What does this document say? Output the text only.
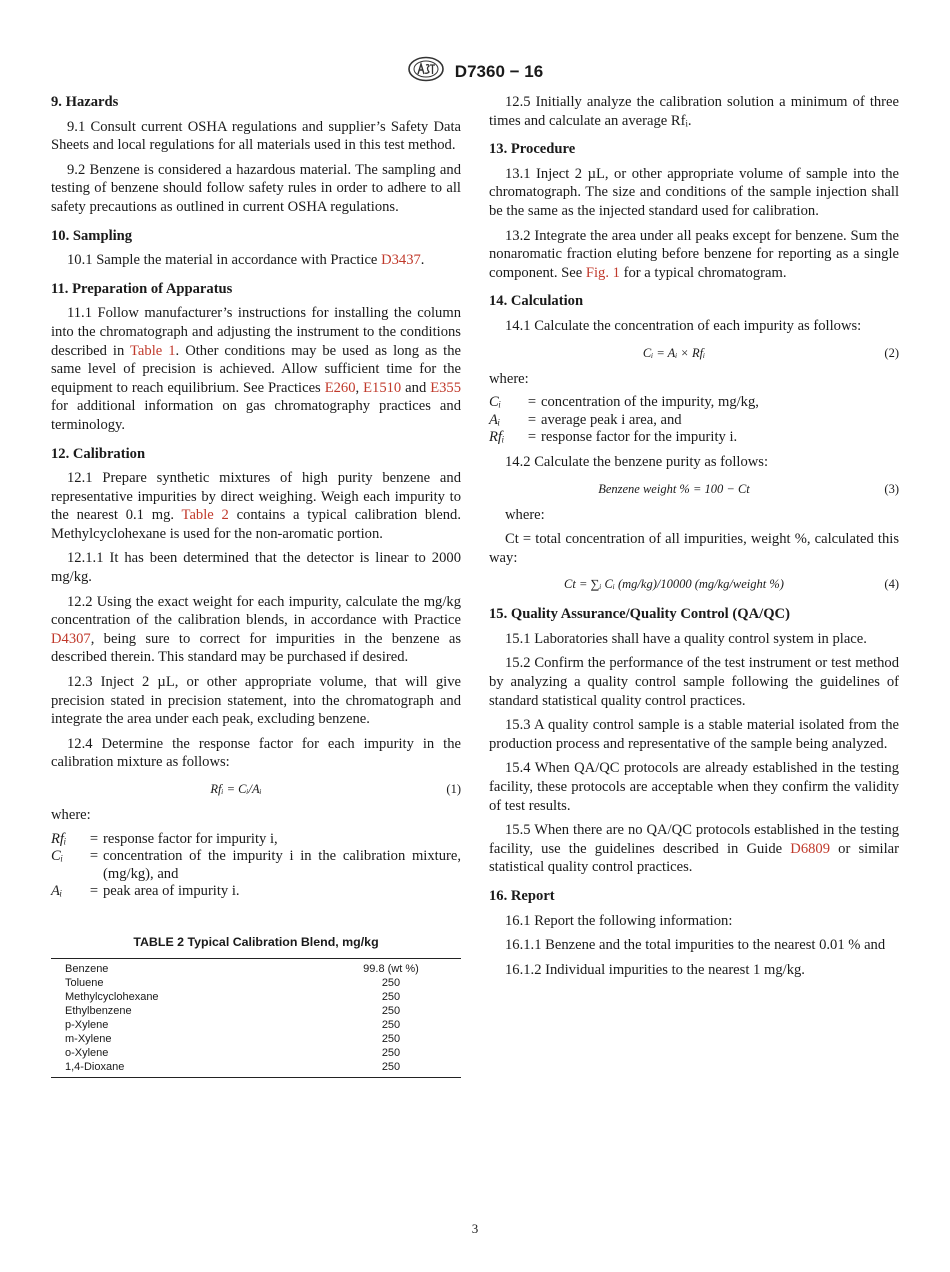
D7360 − 16
9. Hazards

9.1 Consult current OSHA regulations and supplier’s Safety Data Sheets and local regulations for all materials used in this test method.

9.2 Benzene is considered a hazardous material. The sampling and testing of benzene should follow safety rules in order to adhere to all safety precautions as outlined in current OSHA regulations.

10. Sampling

10.1 Sample the material in accordance with Practice D3437.

11. Preparation of Apparatus

11.1 Follow manufacturer’s instructions for installing the column into the chromatograph and adjusting the instrument to the conditions described in Table 1. Other conditions may be used as long as the same level of precision is achieved. Allow sufficient time for the equipment to reach equilibrium. See Practices E260, E1510 and E355 for additional information on gas chromatography practices and terminology.

12. Calibration

12.1 Prepare synthetic mixtures of high purity benzene and representative impurities by direct weighing. Weigh each impurity to the nearest 0.1 mg. Table 2 contains a typical calibration blend. Methylcyclohexane is used for the non-aromatic portion.

12.1.1 It has been determined that the detector is linear to 2000 mg/kg.

12.2 Using the exact weight for each impurity, calculate the mg/kg concentration of the calibration blends, in accordance with Practice D4307, being sure to correct for impurities in the benzene as described therein. This standard may be purchased if desired.

12.3 Inject 2 µL, or other appropriate volume, that will give precision stated in precision statement, into the chromatograph and integrate the area under each peak, excluding benzene.

12.4 Determine the response factor for each impurity in the calibration mixture as follows:

Rfᵢ = Cᵢ/Aᵢ	(1)

where:

Rfᵢ	=	response factor for impurity i,
Cᵢ	=	concentration of the impurity i in the calibration mixture, (mg/kg), and
Aᵢ	=	peak area of impurity i.
TABLE 2 Typical Calibration Blend, mg/kg
Benzene	99.8 (wt %)
Toluene	250
Methylcyclohexane	250
Ethylbenzene	250
p-Xylene	250
m-Xylene	250
o-Xylene	250
1,4-Dioxane	250

12.5 Initially analyze the calibration solution a minimum of three times and calculate an average Rfᵢ.

13. Procedure

13.1 Inject 2 µL, or other appropriate volume of sample into the chromatograph. The size and conditions of the sample injection shall be the same as the injected standard used for calibration.

13.2 Integrate the area under all peaks except for benzene. Sum the nonaromatic fraction eluting before benzene for reporting as a single component. See Fig. 1 for a typical chromatogram.

14. Calculation

14.1 Calculate the concentration of each impurity as follows:

Cᵢ = Aᵢ × Rfᵢ	(2)

where:

Cᵢ	=	concentration of the impurity, mg/kg,
Aᵢ	=	average peak i area, and
Rfᵢ	=	response factor for the impurity i.

14.2 Calculate the benzene purity as follows:

Benzene weight % = 100 − Ct	(3)

where:

Ct = total concentration of all impurities, weight %, calculated this way:

Ct = ∑ᵢ Cᵢ (mg/kg)/10000 (mg/kg/weight %)	(4)
15. Quality Assurance/Quality Control (QA/QC)

15.1 Laboratories shall have a quality control system in place.

15.2 Confirm the performance of the test instrument or test method by analyzing a quality control sample following the guidelines of standard statistical quality control practices.

15.3 A quality control sample is a stable material isolated from the production process and representative of the sample being analyzed.

15.4 When QA/QC protocols are already established in the testing facility, these protocols are acceptable when they confirm the validity of test results.

15.5 When there are no QA/QC protocols established in the testing facility, use the guidelines described in Guide D6809 or similar statistical quality control practices.

16. Report

16.1 Report the following information:

16.1.1 Benzene and the total impurities to the nearest 0.01 % and

16.1.2 Individual impurities to the nearest 1 mg/kg.

3
